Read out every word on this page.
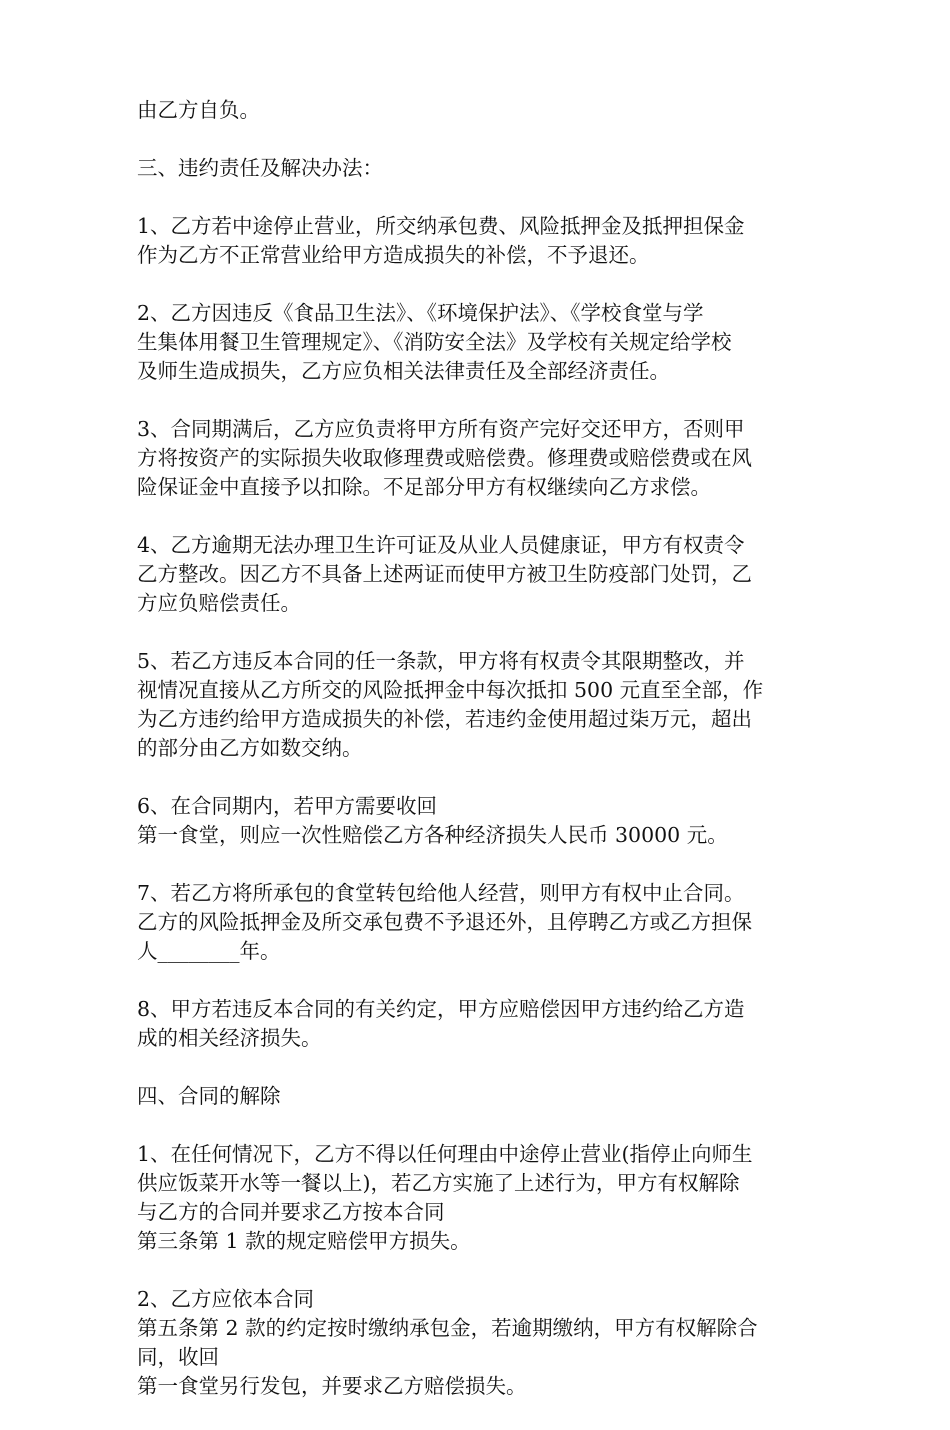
由乙方自负。

三、违约责任及解决办法：

1、乙方若中途停止营业，所交纳承包费、风险抵押金及抵押担保金
作为乙方不正常营业给甲方造成损失的补偿，不予退还。

2、乙方因违反《食品卫生法》、《环境保护法》、《学校食堂与学
生集体用餐卫生管理规定》、《消防安全法》及学校有关规定给学校
及师生造成损失，乙方应负相关法律责任及全部经济责任。

3、合同期满后，乙方应负责将甲方所有资产完好交还甲方，否则甲
方将按资产的实际损失收取修理费或赔偿费。修理费或赔偿费或在风
险保证金中直接予以扣除。不足部分甲方有权继续向乙方求偿。

4、乙方逾期无法办理卫生许可证及从业人员健康证，甲方有权责令
乙方整改。因乙方不具备上述两证而使甲方被卫生防疫部门处罚，乙
方应负赔偿责任。

5、若乙方违反本合同的任一条款，甲方将有权责令其限期整改，并
视情况直接从乙方所交的风险抵押金中每次抵扣 500 元直至全部，作
为乙方违约给甲方造成损失的补偿，若违约金使用超过柒万元，超出
的部分由乙方如数交纳。

6、在合同期内，若甲方需要收回
第一食堂，则应一次性赔偿乙方各种经济损失人民币 30000 元。

7、若乙方将所承包的食堂转包给他人经营，则甲方有权中止合同。
乙方的风险抵押金及所交承包费不予退还外，且停聘乙方或乙方担保
人________年。

8、甲方若违反本合同的有关约定，甲方应赔偿因甲方违约给乙方造
成的相关经济损失。

四、合同的解除

1、在任何情况下，乙方不得以任何理由中途停止营业(指停止向师生
供应饭菜开水等一餐以上)，若乙方实施了上述行为，甲方有权解除
与乙方的合同并要求乙方按本合同
第三条第 1 款的规定赔偿甲方损失。

2、乙方应依本合同
第五条第 2 款的约定按时缴纳承包金，若逾期缴纳，甲方有权解除合
同，收回
第一食堂另行发包，并要求乙方赔偿损失。
